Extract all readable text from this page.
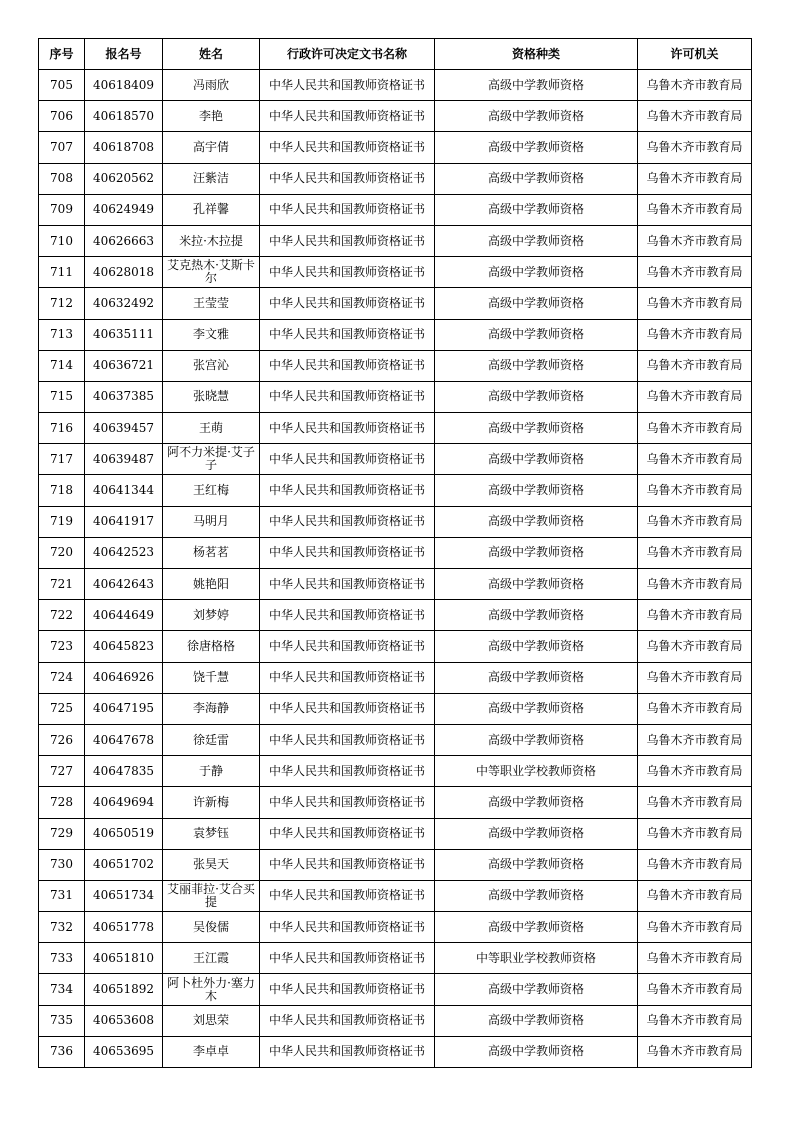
序号	报名号	姓名	行政许可决定文书名称	资格种类	许可机关
705	40618409	冯雨欣	中华人民共和国教师资格证书	高级中学教师资格	乌鲁木齐市教育局
706	40618570	李艳	中华人民共和国教师资格证书	高级中学教师资格	乌鲁木齐市教育局
707	40618708	高宇倩	中华人民共和国教师资格证书	高级中学教师资格	乌鲁木齐市教育局
708	40620562	汪紫洁	中华人民共和国教师资格证书	高级中学教师资格	乌鲁木齐市教育局
709	40624949	孔祥馨	中华人民共和国教师资格证书	高级中学教师资格	乌鲁木齐市教育局
710	40626663	米拉·木拉提	中华人民共和国教师资格证书	高级中学教师资格	乌鲁木齐市教育局
711	40628018	艾克热木·艾斯卡尔	中华人民共和国教师资格证书	高级中学教师资格	乌鲁木齐市教育局
712	40632492	王莹莹	中华人民共和国教师资格证书	高级中学教师资格	乌鲁木齐市教育局
713	40635111	李文雅	中华人民共和国教师资格证书	高级中学教师资格	乌鲁木齐市教育局
714	40636721	张宫沁	中华人民共和国教师资格证书	高级中学教师资格	乌鲁木齐市教育局
715	40637385	张晓慧	中华人民共和国教师资格证书	高级中学教师资格	乌鲁木齐市教育局
716	40639457	王萌	中华人民共和国教师资格证书	高级中学教师资格	乌鲁木齐市教育局
717	40639487	阿不力米提·艾子子	中华人民共和国教师资格证书	高级中学教师资格	乌鲁木齐市教育局
718	40641344	王红梅	中华人民共和国教师资格证书	高级中学教师资格	乌鲁木齐市教育局
719	40641917	马明月	中华人民共和国教师资格证书	高级中学教师资格	乌鲁木齐市教育局
720	40642523	杨茗茗	中华人民共和国教师资格证书	高级中学教师资格	乌鲁木齐市教育局
721	40642643	姚艳阳	中华人民共和国教师资格证书	高级中学教师资格	乌鲁木齐市教育局
722	40644649	刘梦婷	中华人民共和国教师资格证书	高级中学教师资格	乌鲁木齐市教育局
723	40645823	徐唐格格	中华人民共和国教师资格证书	高级中学教师资格	乌鲁木齐市教育局
724	40646926	饶千慧	中华人民共和国教师资格证书	高级中学教师资格	乌鲁木齐市教育局
725	40647195	李海静	中华人民共和国教师资格证书	高级中学教师资格	乌鲁木齐市教育局
726	40647678	徐廷雷	中华人民共和国教师资格证书	高级中学教师资格	乌鲁木齐市教育局
727	40647835	于静	中华人民共和国教师资格证书	中等职业学校教师资格	乌鲁木齐市教育局
728	40649694	许新梅	中华人民共和国教师资格证书	高级中学教师资格	乌鲁木齐市教育局
729	40650519	袁梦钰	中华人民共和国教师资格证书	高级中学教师资格	乌鲁木齐市教育局
730	40651702	张昊天	中华人民共和国教师资格证书	高级中学教师资格	乌鲁木齐市教育局
731	40651734	艾丽菲拉·艾合买提	中华人民共和国教师资格证书	高级中学教师资格	乌鲁木齐市教育局
732	40651778	吴俊儒	中华人民共和国教师资格证书	高级中学教师资格	乌鲁木齐市教育局
733	40651810	王江霞	中华人民共和国教师资格证书	中等职业学校教师资格	乌鲁木齐市教育局
734	40651892	阿卜杜外力·塞力木	中华人民共和国教师资格证书	高级中学教师资格	乌鲁木齐市教育局
735	40653608	刘思荣	中华人民共和国教师资格证书	高级中学教师资格	乌鲁木齐市教育局
736	40653695	李卓卓	中华人民共和国教师资格证书	高级中学教师资格	乌鲁木齐市教育局
